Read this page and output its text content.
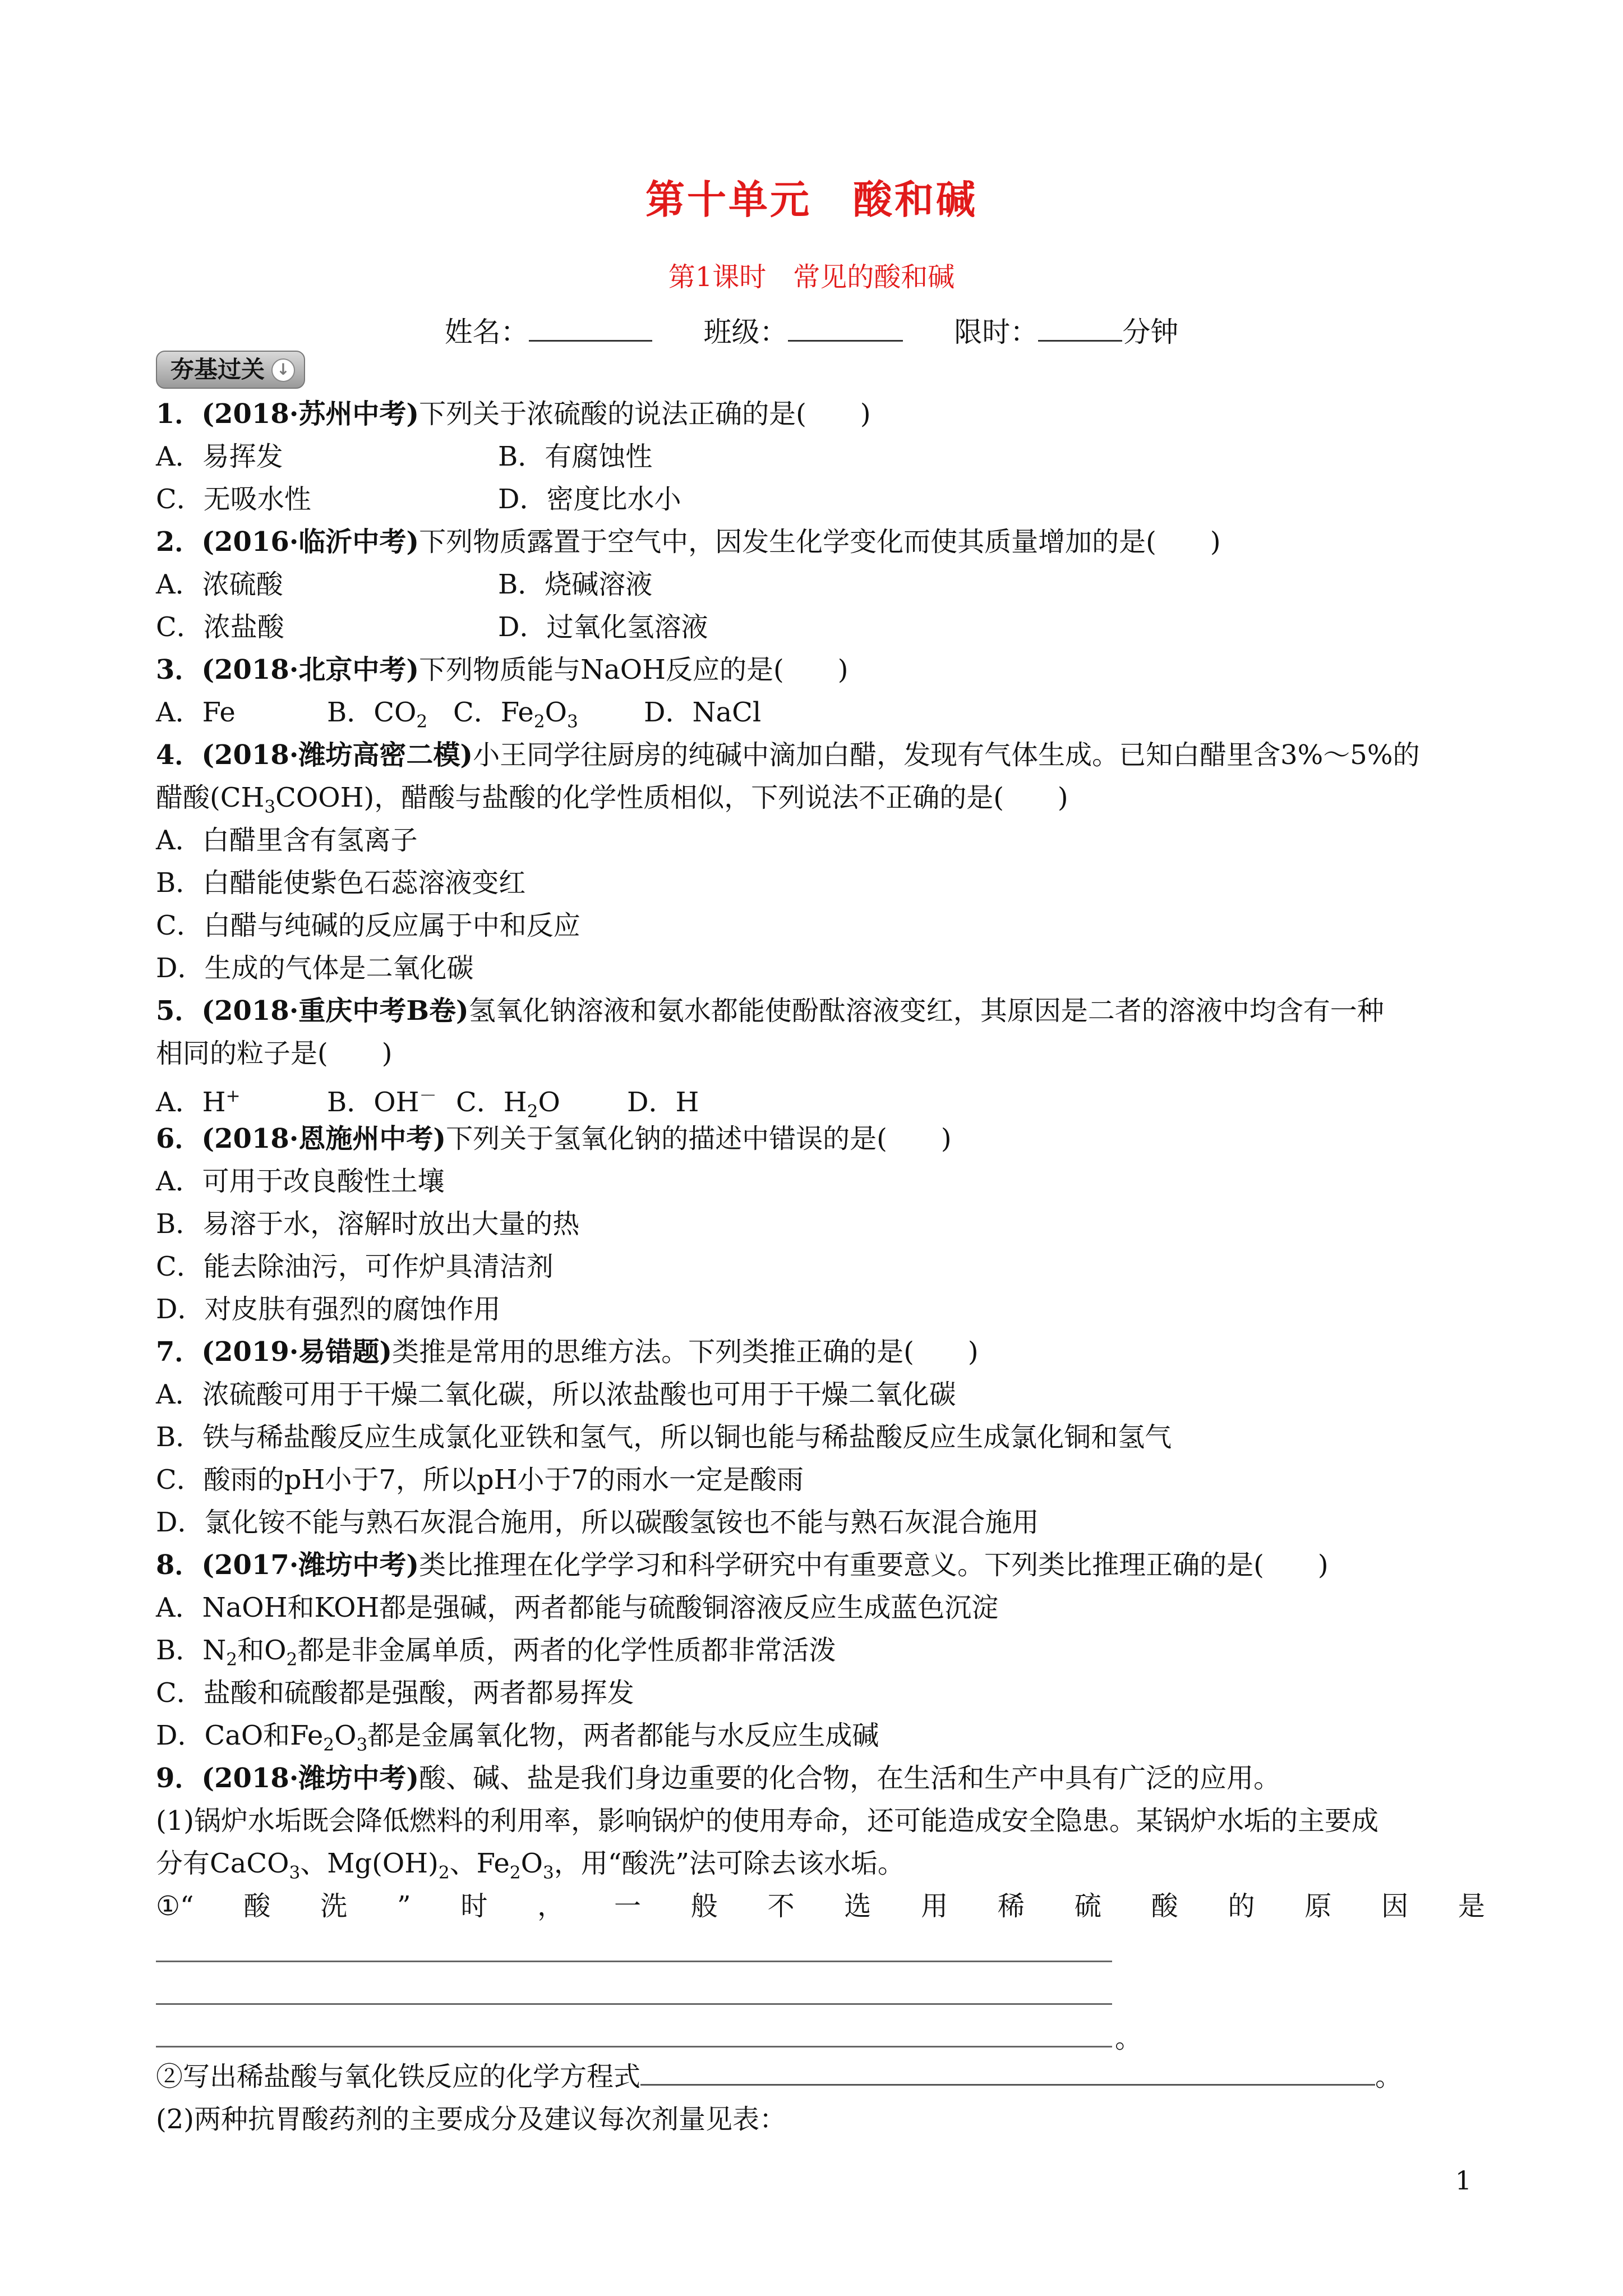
第十单元　酸和碱
第1课时　常见的酸和碱
姓名：	班级：	限时：	分钟
夯基过关 ↓
1．(2018·苏州中考)下列关于浓硫酸的说法正确的是(　　)
A．易挥发	B．有腐蚀性
C．无吸水性	D．密度比水小
2．(2016·临沂中考)下列物质露置于空气中，因发生化学变化而使其质量增加的是(　　)
A．浓硫酸	B．烧碱溶液
C．浓盐酸	D．过氧化氢溶液
3．(2018·北京中考)下列物质能与NaOH反应的是(　　)
A．Fe	B．$CO_2$ C．$Fe_2O_3$ D．NaCl
4．(2018·潍坊高密二模)小王同学往厨房的纯碱中滴加白醋，发现有气体生成。已知白醋里含3%～5%的
醋酸$(CH_3COOH)$，醋酸与盐酸的化学性质相似，下列说法不正确的是(　　)
A．白醋里含有氢离子
B．白醋能使紫色石蕊溶液变红
C．白醋与纯碱的反应属于中和反应
D．生成的气体是二氧化碳
5．(2018·重庆中考B卷)氢氧化钠溶液和氨水都能使酚酞溶液变红，其原因是二者的溶液中均含有一种
相同的粒子是(　　)
A．H+	B．OH－ C．$H_2O$ D．H
6．(2018·恩施州中考)下列关于氢氧化钠的描述中错误的是(　　)
A．可用于改良酸性土壤
B．易溶于水，溶解时放出大量的热
C．能去除油污，可作炉具清洁剂
D．对皮肤有强烈的腐蚀作用
7．(2019·易错题)类推是常用的思维方法。下列类推正确的是(　　)
A．浓硫酸可用于干燥二氧化碳，所以浓盐酸也可用于干燥二氧化碳
B．铁与稀盐酸反应生成氯化亚铁和氢气，所以铜也能与稀盐酸反应生成氯化铜和氢气
C．酸雨的pH小于7，所以pH小于7的雨水一定是酸雨
D．氯化铵不能与熟石灰混合施用，所以碳酸氢铵也不能与熟石灰混合施用
8．(2017·潍坊中考)类比推理在化学学习和科学研究中有重要意义。下列类比推理正确的是(　　)
A．NaOH和KOH都是强碱，两者都能与硫酸铜溶液反应生成蓝色沉淀
B．$N_2$和$O_2$都是非金属单质，两者的化学性质都非常活泼
C．盐酸和硫酸都是强酸，两者都易挥发
D．CaO和$Fe_2O_3$都是金属氧化物，两者都能与水反应生成碱
9．(2018·潍坊中考)酸、碱、盐是我们身边重要的化合物，在生活和生产中具有广泛的应用。
(1)锅炉水垢既会降低燃料的利用率，影响锅炉的使用寿命，还可能造成安全隐患。某锅炉水垢的主要成
分有CaCO$_3$、$Mg(OH)_2$、$Fe_2O_3$，用“酸洗”法可除去该水垢。
①“ 酸 洗 ” 时 ， 一 般 不 选 用 稀 硫 酸 的 原 因 是
。
②写出稀盐酸与氧化铁反应的化学方程式	。
(2)两种抗胃酸药剂的主要成分及建议每次剂量见表：
1
